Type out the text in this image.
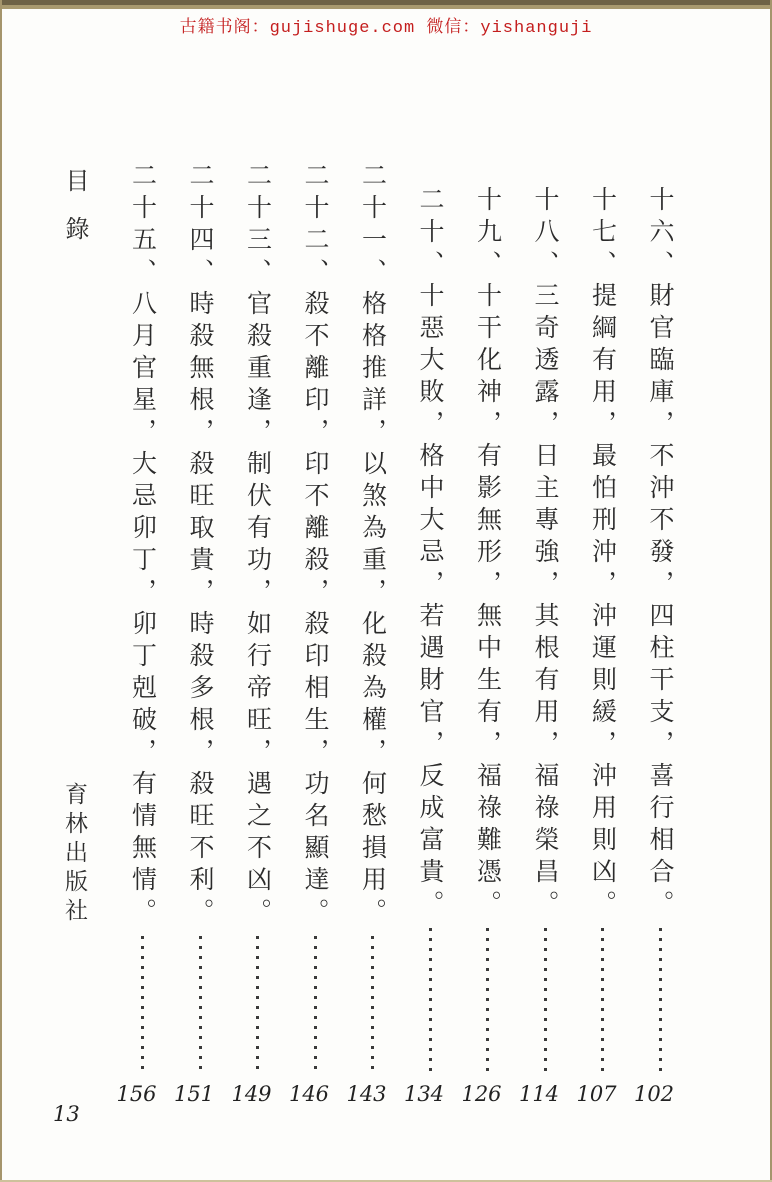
古籍书阁：gujishuge.com 微信：yishanguji
目錄	十六、財官臨庫，不沖不發，四柱干支，喜行相合。
102
十七、提綱有用，最怕刑沖，沖運則緩，沖用則凶。
107
十八、三奇透露，日主專強，其根有用，福祿榮昌。
114
十九、十干化神，有影無形，無中生有，福祿難憑。
126
二十、十惡大敗，格中大忌，若遇財官，反成富貴。
134
二十一、格格推詳，以煞為重，化殺為權，何愁損用。
143
二十二、殺不離印，印不離殺，殺印相生，功名顯達。
146
二十三、官殺重逢，制伏有功，如行帝旺，遇之不凶。
149
二十四、時殺無根，殺旺取貴，時殺多根，殺旺不利。
151
二十五、八月官星，大忌卯丁，卯丁剋破，有情無情。
156
育林出版社
13
